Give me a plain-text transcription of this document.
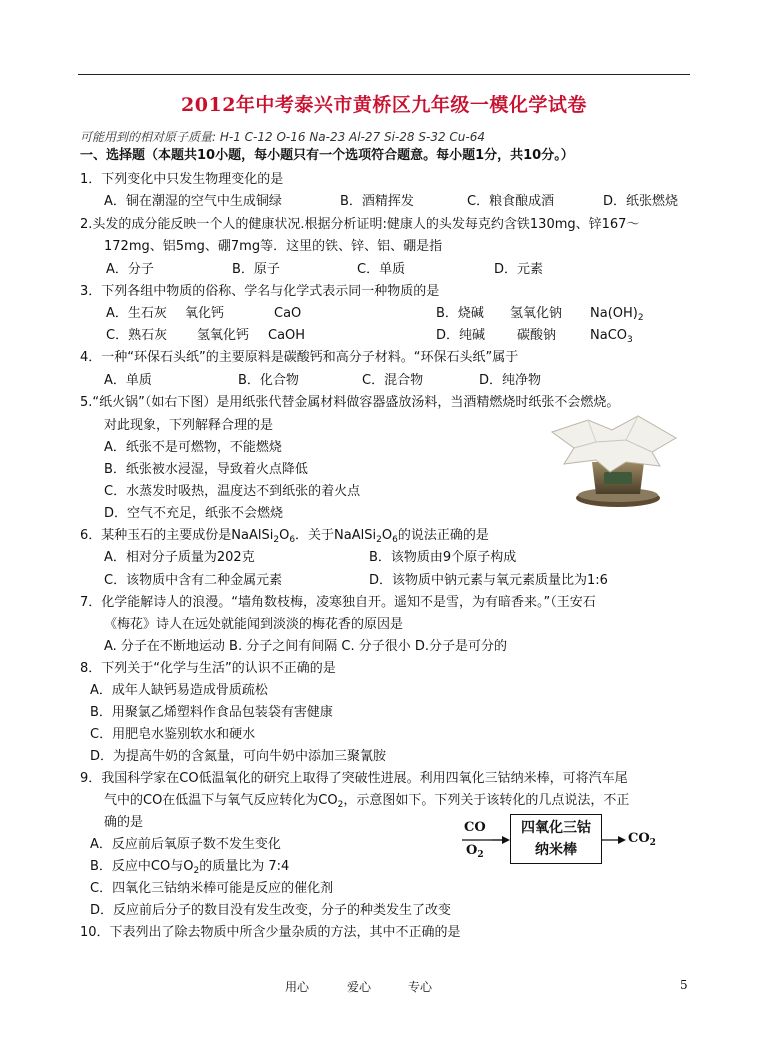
2012年中考泰兴市黄桥区九年级一模化学试卷
可能用到的相对原子质量: H-1 C-12 O-16 Na-23 Al-27 Si-28 S-32 Cu-64
一、选择题（本题共10小题，每小题只有一个选项符合题意。每小题1分，共10分。）
1．下列变化中只发生物理变化的是
A．铜在潮湿的空气中生成铜绿	B．酒精挥发	C．粮食酿成酒	D．纸张燃烧
2.头发的成分能反映一个人的健康状况.根据分析证明:健康人的头发每克约含铁130mg、锌167～
172mg、铝5mg、硼7mg等．这里的铁、锌、铝、硼是指
A．分子	B．原子	C．单质	D．元素
3．下列各组中物质的俗称、学名与化学式表示同一种物质的是
A．生石灰 氧化钙	CaO	B．烧碱 氢氧化钠 $Na(OH)_2$
C．熟石灰 氢氧化钙 CaOH	D．纯碱 碳酸钠	NaCO$_3$
4．一种“环保石头纸”的主要原料是碳酸钙和高分子材料。“环保石头纸”属于
A．单质	B．化合物	C．混合物	D．纯净物
5.“纸火锅”（如右下图）是用纸张代替金属材料做容器盛放汤料，当酒精燃烧时纸张不会燃烧。
对此现象，下列解释合理的是
A．纸张不是可燃物，不能燃烧
B．纸张被水浸湿，导致着火点降低
C．水蒸发时吸热，温度达不到纸张的着火点
D．空气不充足，纸张不会燃烧
6．某种玉石的主要成份是$NaAlSi_2O_6$．关于$NaAlSi_2O_6$的说法正确的是
A．相对分子质量为202克	B．该物质由9个原子构成
C．该物质中含有二种金属元素	D．该物质中钠元素与氧元素质量比为1:6
7．化学能解诗人的浪漫。“墙角数枝梅，凌寒独自开。遥知不是雪，为有暗香来。”（王安石
《梅花》诗人在远处就能闻到淡淡的梅花香的原因是
A. 分子在不断地运动 B. 分子之间有间隔 C. 分子很小 D.分子是可分的
8．下列关于“化学与生活”的认识不正确的是
A．成年人缺钙易造成骨质疏松
B．用聚氯乙烯塑料作食品包装袋有害健康
C．用肥皂水鉴别软水和硬水
D．为提高牛奶的含氮量，可向牛奶中添加三聚氰胺
9．我国科学家在CO低温氧化的研究上取得了突破性进展。利用四氧化三钴纳米棒，可将汽车尾
气中的CO在低温下与氧气反应转化为$CO_2$，示意图如下。下列关于该转化的几点说法，不正
确的是
A．反应前后氧原子数不发生变化
B．反应中CO与$O_2$的质量比为 7:4
C．四氧化三钴纳米棒可能是反应的催化剂
D．反应前后分子的数目没有发生改变，分子的种类发生了改变
CO
$O_2$
四氧化三钴
纳米棒
$CO_2$
10．下表列出了除去物质中所含少量杂质的方法，其中不正确的是
用心	爱心	专心	5
